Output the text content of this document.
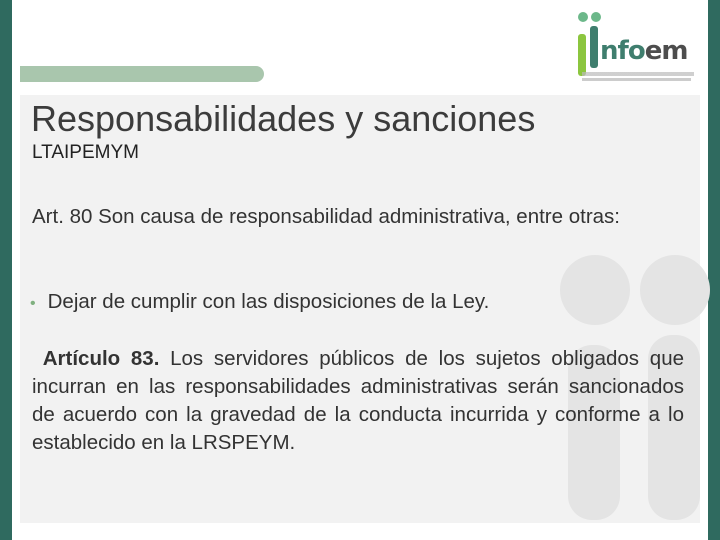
nfoem
Responsabilidades y sanciones

LTAIPEMYM

Art. 80 Son causa de responsabilidad administrativa, entre otras:

• Dejar de cumplir con las disposiciones de la Ley.

Artículo 83. Los servidores públicos de los sujetos obligados que incurran en las responsabilidades administrativas serán sancionados de acuerdo con la gravedad de la conducta incurrida y conforme a lo establecido en la LRSPEYM.
